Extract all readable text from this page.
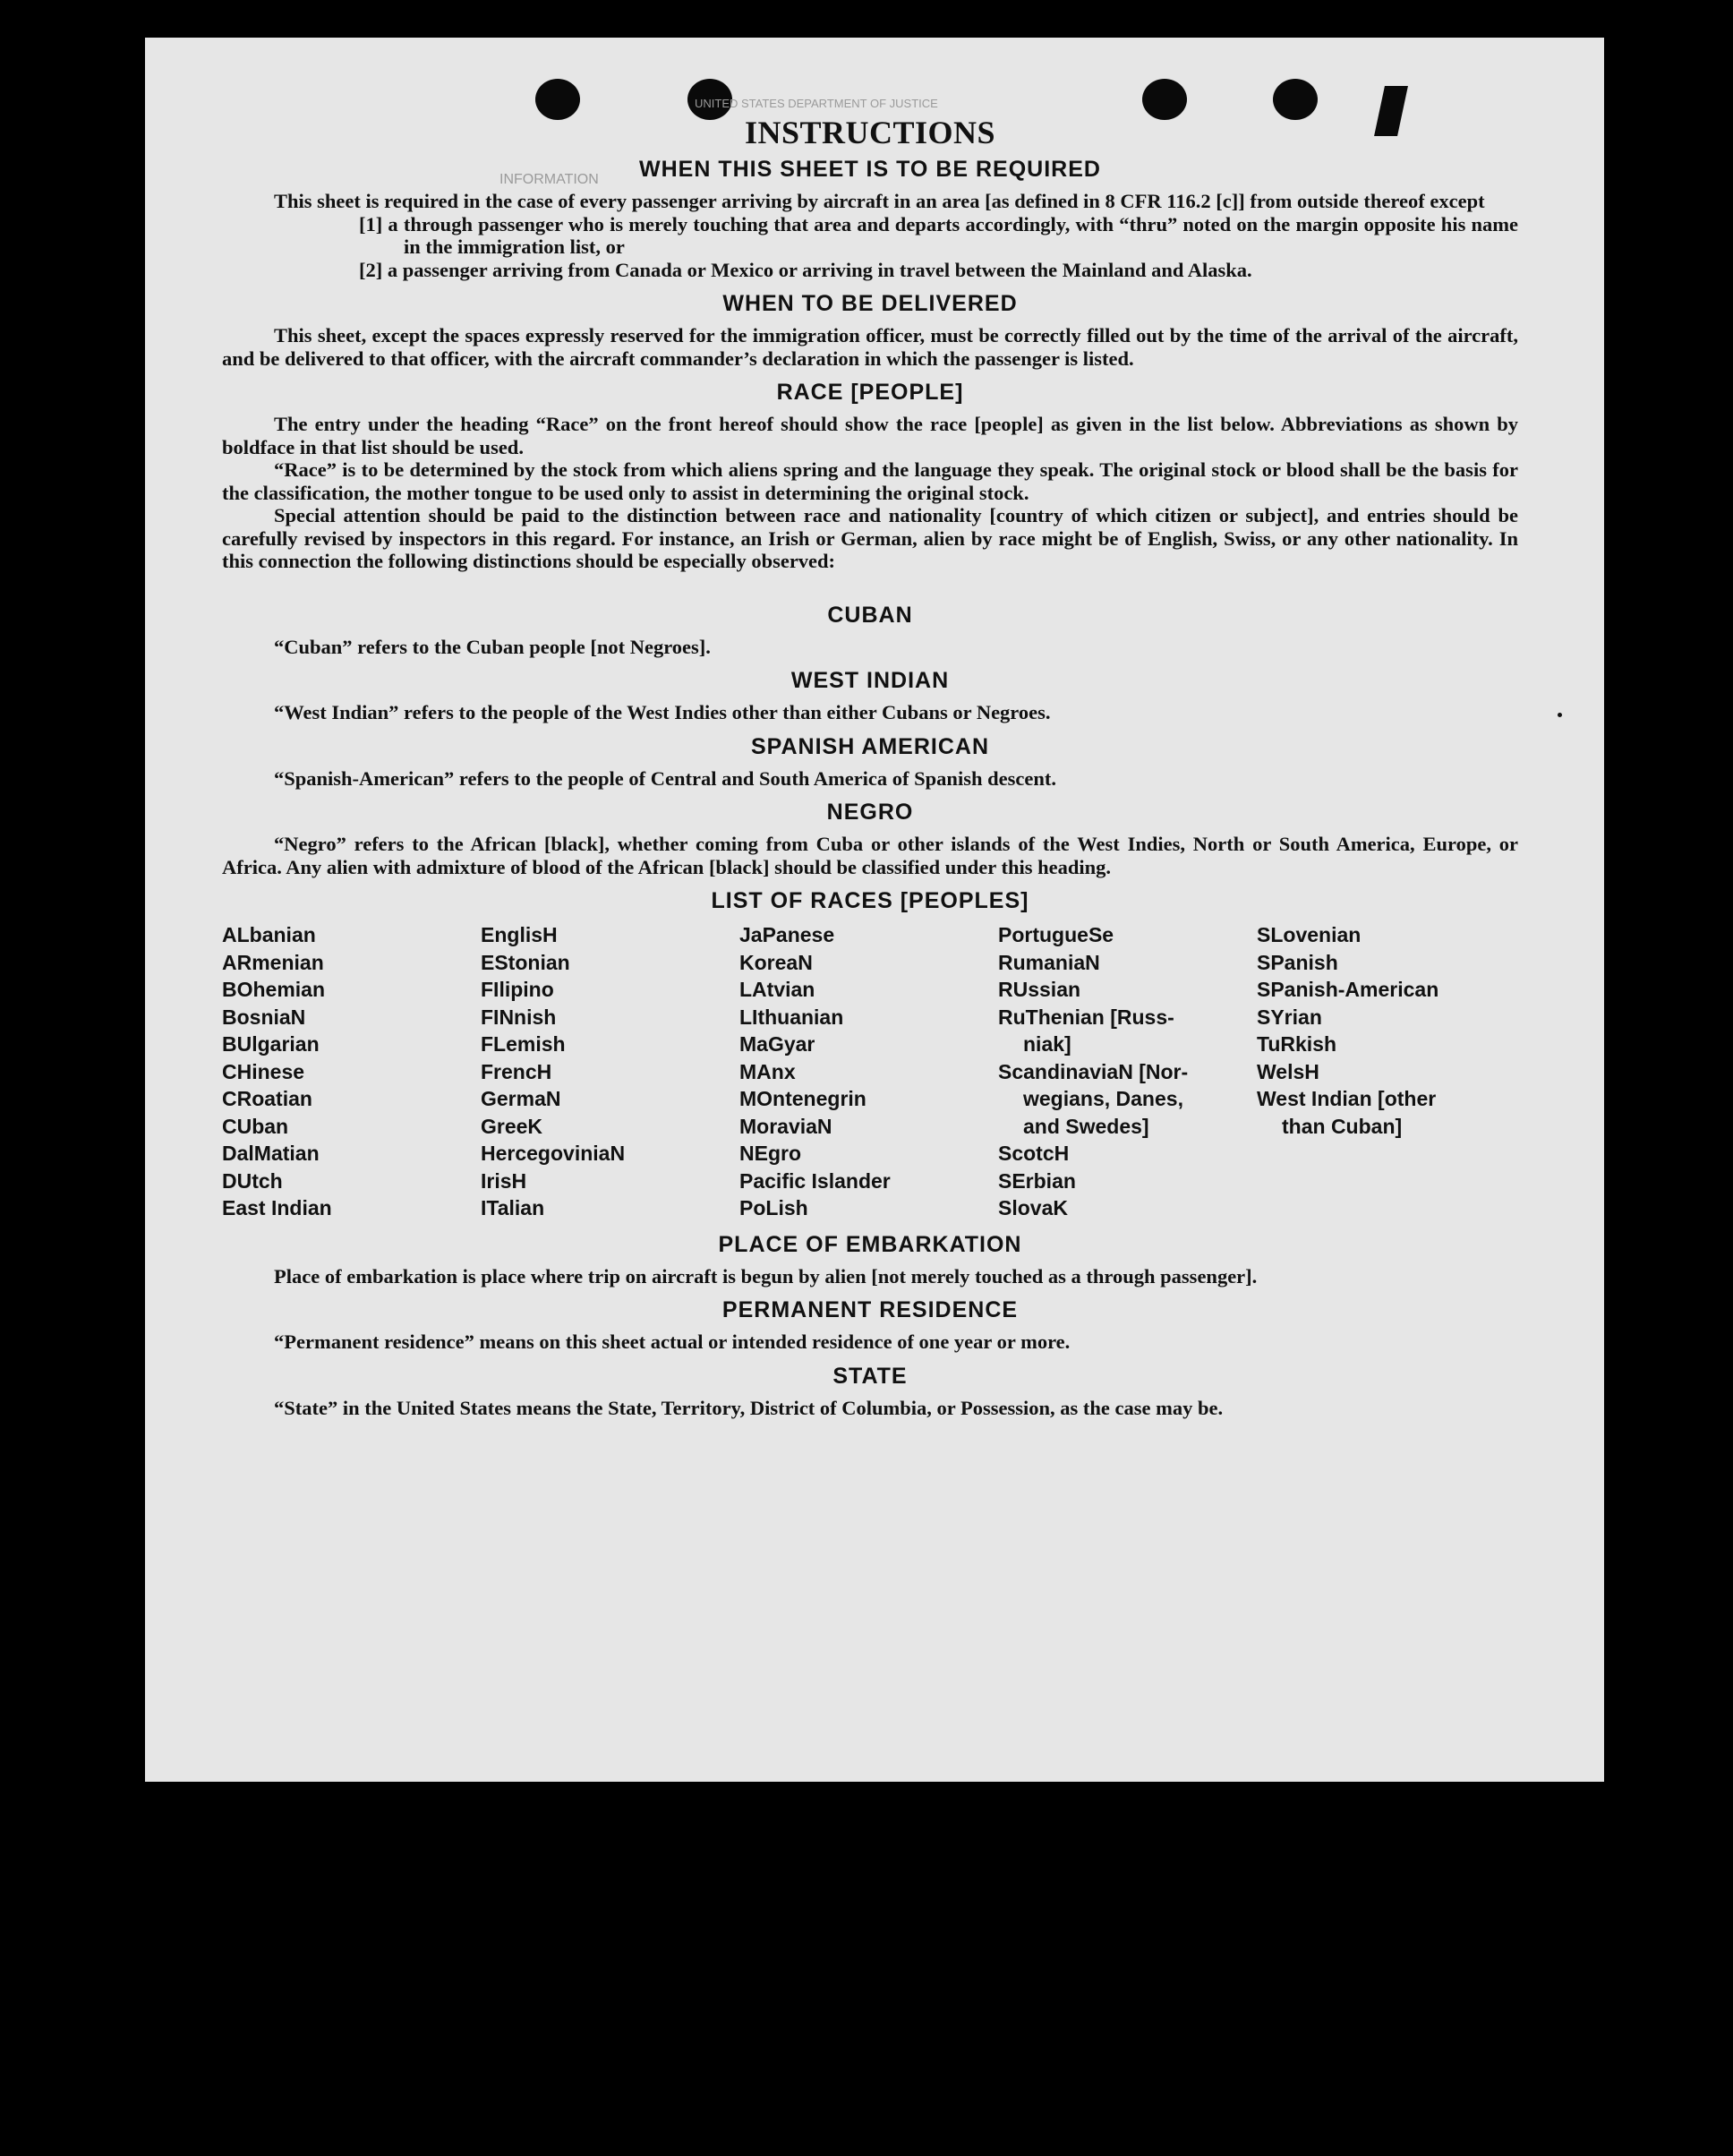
UNITED STATES DEPARTMENT OF JUSTICE
INFORMATION
INSTRUCTIONS
WHEN THIS SHEET IS TO BE REQUIRED

This sheet is required in the case of every passenger arriving by aircraft in an area [as defined in 8 CFR 116.2 [c]] from outside thereof except

[1] a through passenger who is merely touching that area and departs accordingly, with “thru” noted on the margin opposite his name in the immigration list, or

[2] a passenger arriving from Canada or Mexico or arriving in travel between the Mainland and Alaska.

WHEN TO BE DELIVERED

This sheet, except the spaces expressly reserved for the immigration officer, must be correctly filled out by the time of the arrival of the aircraft, and be delivered to that officer, with the aircraft commander’s declaration in which the passenger is listed.

RACE [PEOPLE]

The entry under the heading “Race” on the front hereof should show the race [people] as given in the list below. Abbreviations as shown by boldface in that list should be used.

“Race” is to be determined by the stock from which aliens spring and the language they speak. The original stock or blood shall be the basis for the classification, the mother tongue to be used only to assist in determining the original stock.

Special attention should be paid to the distinction between race and nationality [country of which citizen or subject], and entries should be carefully revised by inspectors in this regard. For instance, an Irish or German, alien by race might be of English, Swiss, or any other nationality. In this connection the following distinctions should be especially observed:

CUBAN

“Cuban” refers to the Cuban people [not Negroes].

WEST INDIAN

“West Indian” refers to the people of the West Indies other than either Cubans or Negroes.

SPANISH AMERICAN

“Spanish-American” refers to the people of Central and South America of Spanish descent.

NEGRO

“Negro” refers to the African [black], whether coming from Cuba or other islands of the West Indies, North or South America, Europe, or Africa. Any alien with admixture of blood of the African [black] should be classified under this heading.

LIST OF RACES [PEOPLES]
ALbanian
ARmenian
BOhemian
BosniaN
BUlgarian
CHinese
CRoatian
CUban
DalMatian
DUtch
East Indian
EnglisH
EStonian
FIlipino
FINnish
FLemish
FrencH
GermaN
GreeK
HercegoviniaN
IrisH
ITalian
JaPanese
KoreaN
LAtvian
LIthuanian
MaGyar
MAnx
MOntenegrin
MoraviaN
NEgro
Pacific Islander
PoLish
PortugueSe
RumaniaN
RUssian
RuThenian [Russ-
niak]
ScandinaviaN [Nor-
wegians, Danes,
and Swedes]
ScotcH
SErbian
SlovaK
SLovenian
SPanish
SPanish-American
SYrian
TuRkish
WelsH
West Indian [other
than Cuban]
PLACE OF EMBARKATION

Place of embarkation is place where trip on aircraft is begun by alien [not merely touched as a through passenger].

PERMANENT RESIDENCE

“Permanent residence” means on this sheet actual or intended residence of one year or more.

STATE

“State” in the United States means the State, Territory, District of Columbia, or Possession, as the case may be.
